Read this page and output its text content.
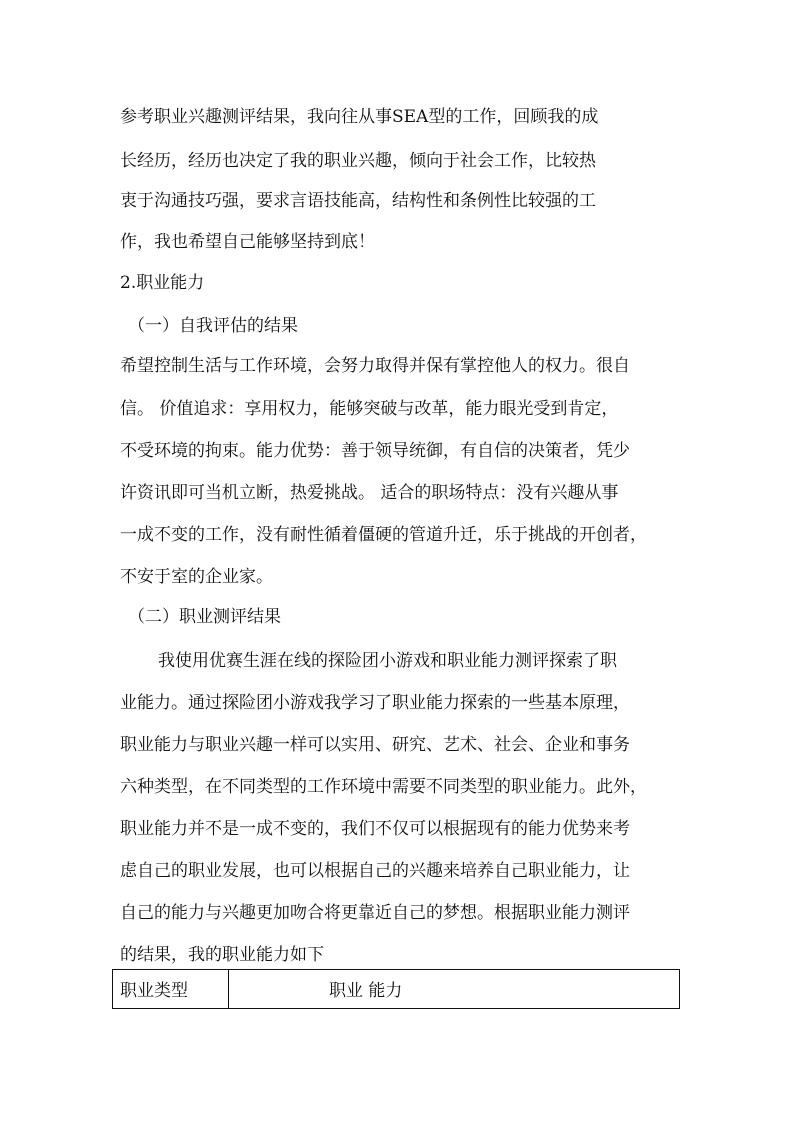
参考职业兴趣测评结果，我向往从事SEA型的工作，回顾我的成
长经历，经历也决定了我的职业兴趣，倾向于社会工作，比较热
衷于沟通技巧强，要求言语技能高，结构性和条例性比较强的工
作，我也希望自己能够坚持到底！
2.职业能力
（一）自我评估的结果
希望控制生活与工作环境，会努力取得并保有掌控他人的权力。很自
信。 价值追求：享用权力，能够突破与改革，能力眼光受到肯定，
不受环境的拘束。能力优势：善于领导统御，有自信的决策者，凭少
许资讯即可当机立断，热爱挑战。 适合的职场特点：没有兴趣从事
一成不变的工作，没有耐性循着僵硬的管道升迁，乐于挑战的开创者，
不安于室的企业家。
（二）职业测评结果
我使用优赛生涯在线的探险团小游戏和职业能力测评探索了职
业能力。通过探险团小游戏我学习了职业能力探索的一些基本原理，
职业能力与职业兴趣一样可以实用、研究、艺术、社会、企业和事务
六种类型，在不同类型的工作环境中需要不同类型的职业能力。此外，
职业能力并不是一成不变的，我们不仅可以根据现有的能力优势来考
虑自己的职业发展，也可以根据自己的兴趣来培养自己职业能力，让
自己的能力与兴趣更加吻合将更靠近自己的梦想。根据职业能力测评
的结果，我的职业能力如下
职业类型	职业 能力
